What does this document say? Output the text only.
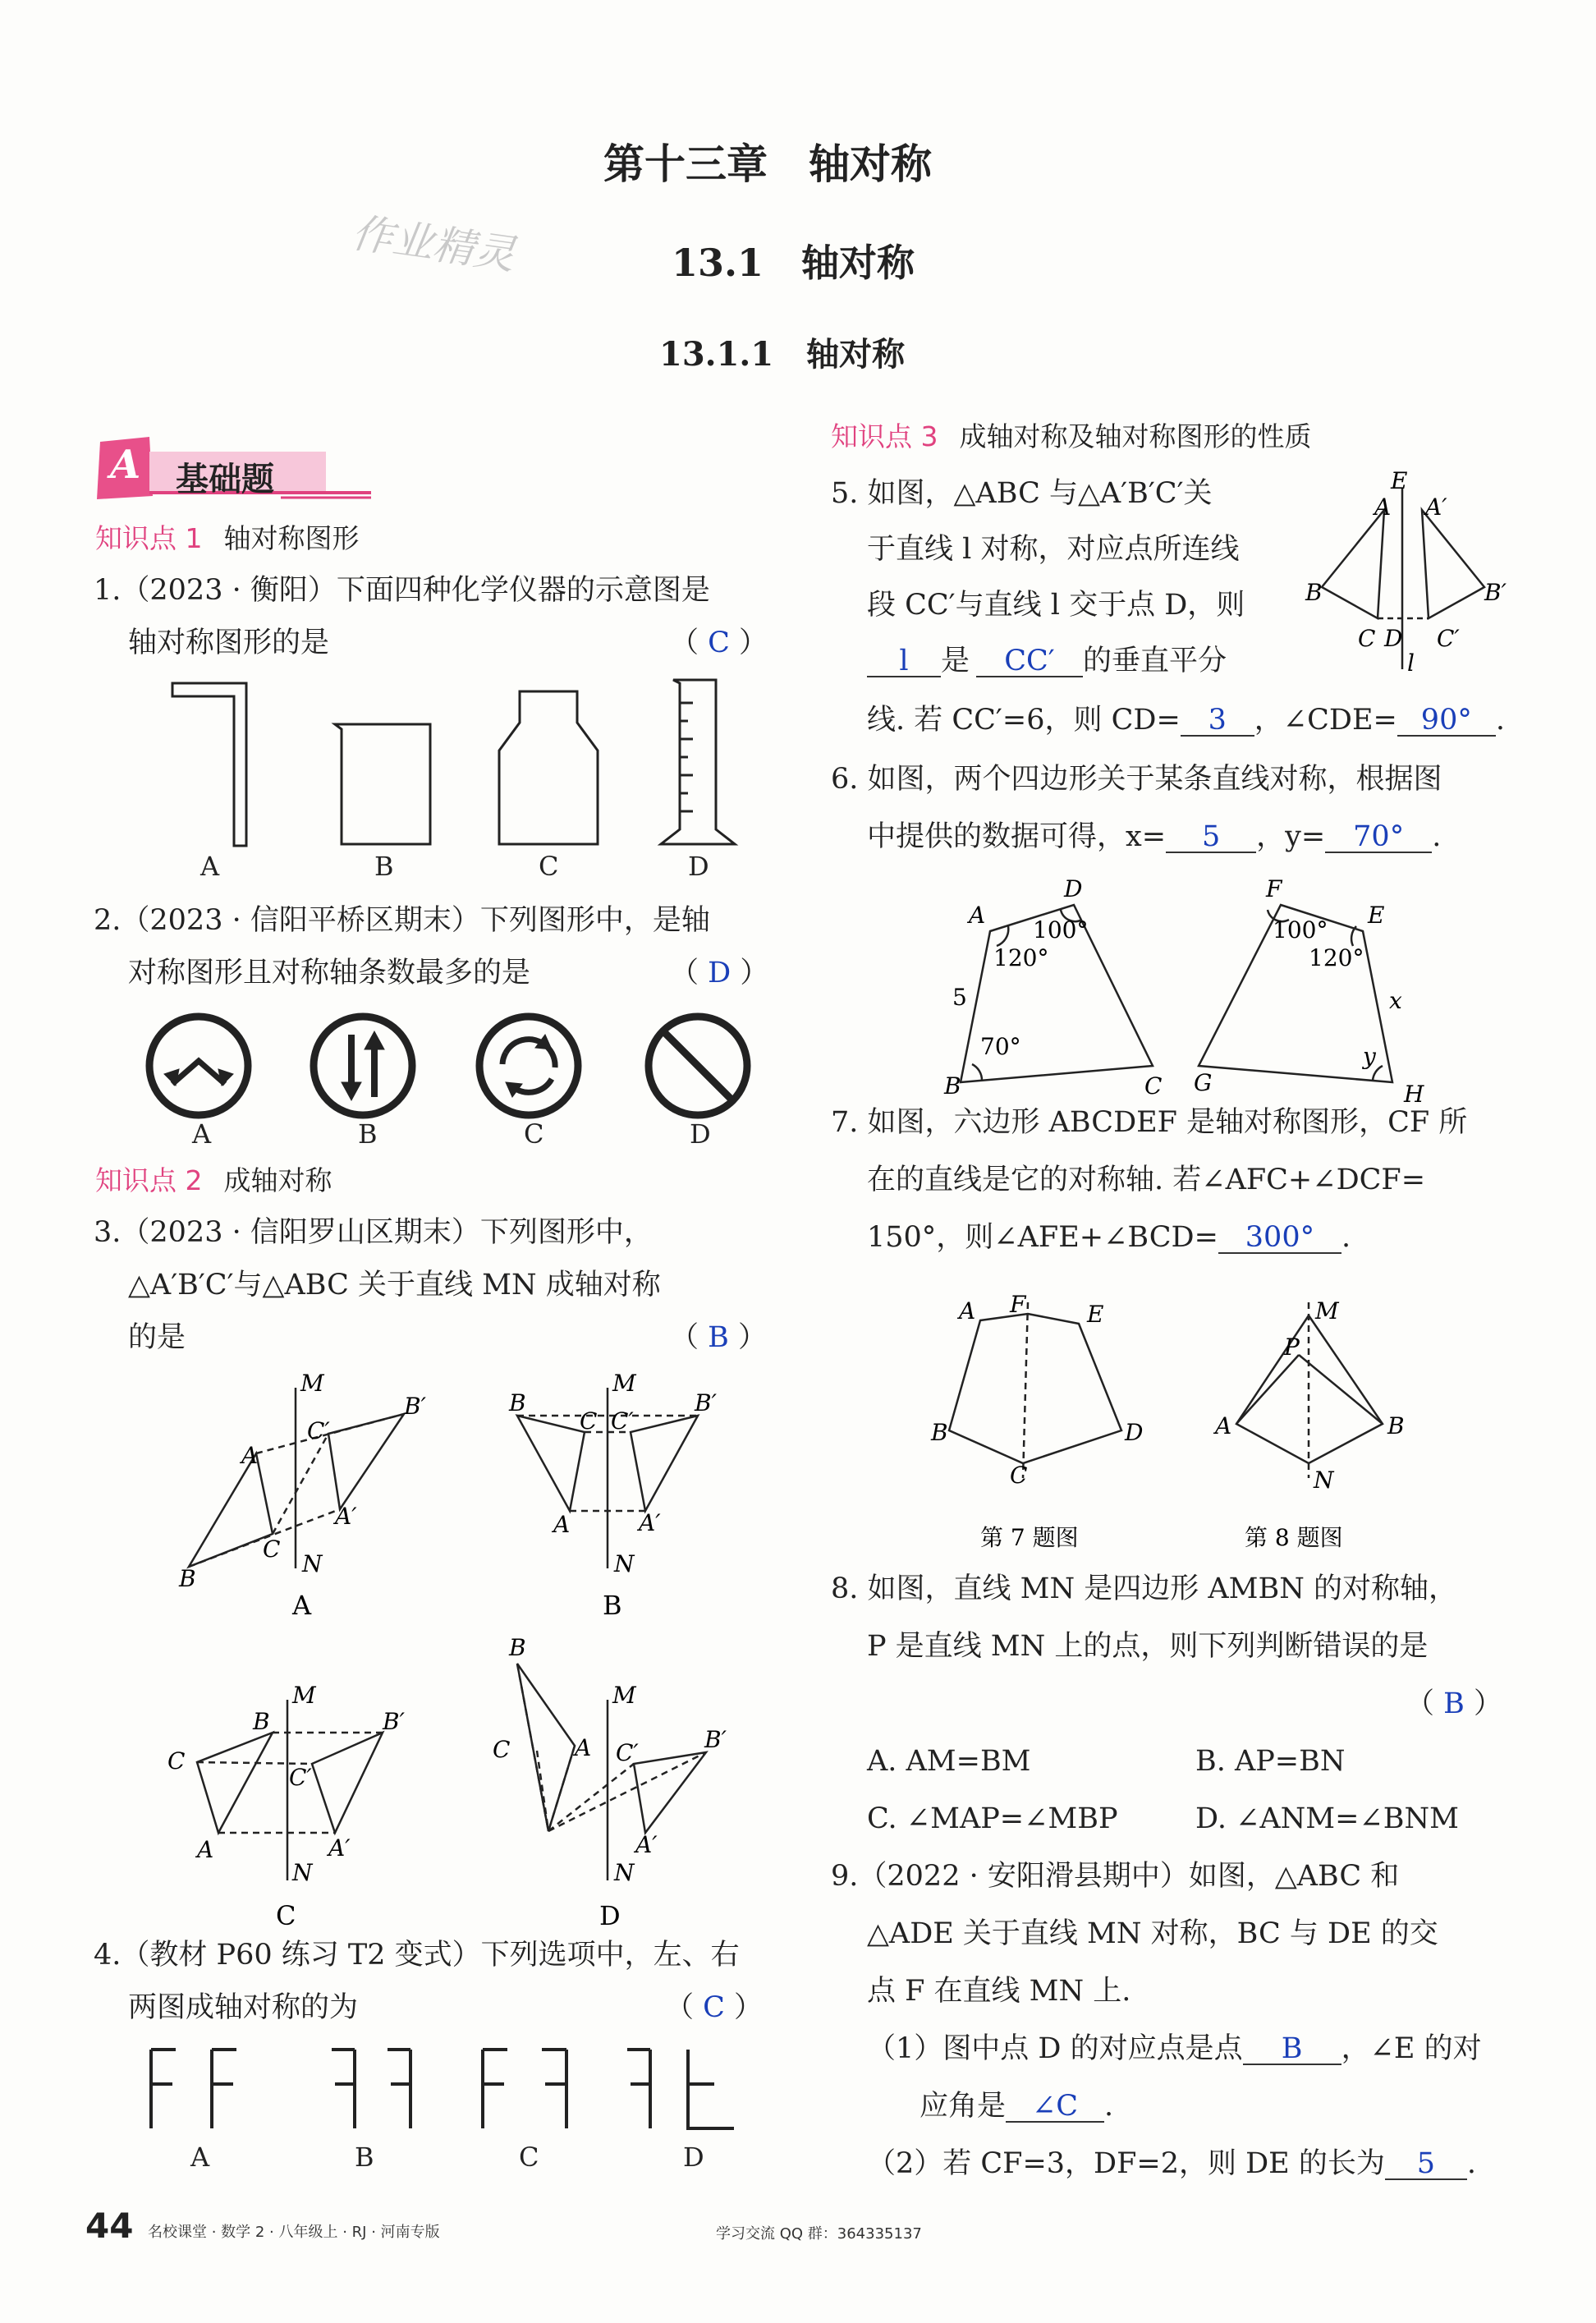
第十三章　轴对称
作业精灵	13.1　轴对称
13.1.1　轴对称
A 基础题
知识点 1 轴对称图形
1.（2023 · 衡阳）下面四种化学仪器的示意图是
轴对称图形的是	（ C ）
A	B	C	D
2.（2023 · 信阳平桥区期末）下列图形中，是轴
对称图形且对称轴条数最多的是	（ D ）
A	B	C	D
知识点 2 成轴对称
3.（2023 · 信阳罗山区期末）下列图形中，
△A′B′C′与△ABC 关于直线 MN 成轴对称
的是	（ B ）
M
B′
C′
A
A′
C
N
B
A
M
B	B′
C C′
A	A′
N
B
M
B	B′
C
C′
A	A′
N
C
B
M
C	A C′	B′
A′
N
D
4.（教材 P60 练习 T2 变式）下列选项中，左、右
两图成轴对称的为	（ C ）
A	B	C	D
知识点 3 成轴对称及轴对称图形的性质
5. 如图，△ABC 与△A′B′C′关
于直线 l 对称，对应点所连线
段 CC′与直线 l 交于点 D，则
l 是 CC′ 的垂直平分
线. 若 CC′=6，则 CD= 3 ，∠CDE= 90° .
E
A A′
B	B′
C D C′
l
6. 如图，两个四边形关于某条直线对称，根据图
中提供的数据可得，x= 5 ，y= 70° .
A
D
B	C
F
E
G	H
x
y
100°
120°
5
70°
100°
120°
7. 如图，六边形 ABCDEF 是轴对称图形，CF 所
在的直线是它的对称轴. 若∠AFC+∠DCF=
150°，则∠AFE+∠BCD= 300° .
A F	E
B	D
C
M
P
A	B
N
第 7 题图	第 8 题图
8. 如图，直线 MN 是四边形 AMBN 的对称轴，
P 是直线 MN 上的点，则下列判断错误的是
（ B ）
A. AM=BM	B. AP=BN
C. ∠MAP=∠MBP	D. ∠ANM=∠BNM
9.（2022 · 安阳滑县期中）如图，△ABC 和
△ADE 关于直线 MN 对称，BC 与 DE 的交
点 F 在直线 MN 上.
（1）图中点 D 的对应点是点 B ，∠E 的对
应角是 ∠C .
（2）若 CF=3，DF=2，则 DE 的长为 5 .
44 名校课堂 · 数学 2 · 八年级上 · RJ · 河南专版	学习交流 QQ 群：364335137
